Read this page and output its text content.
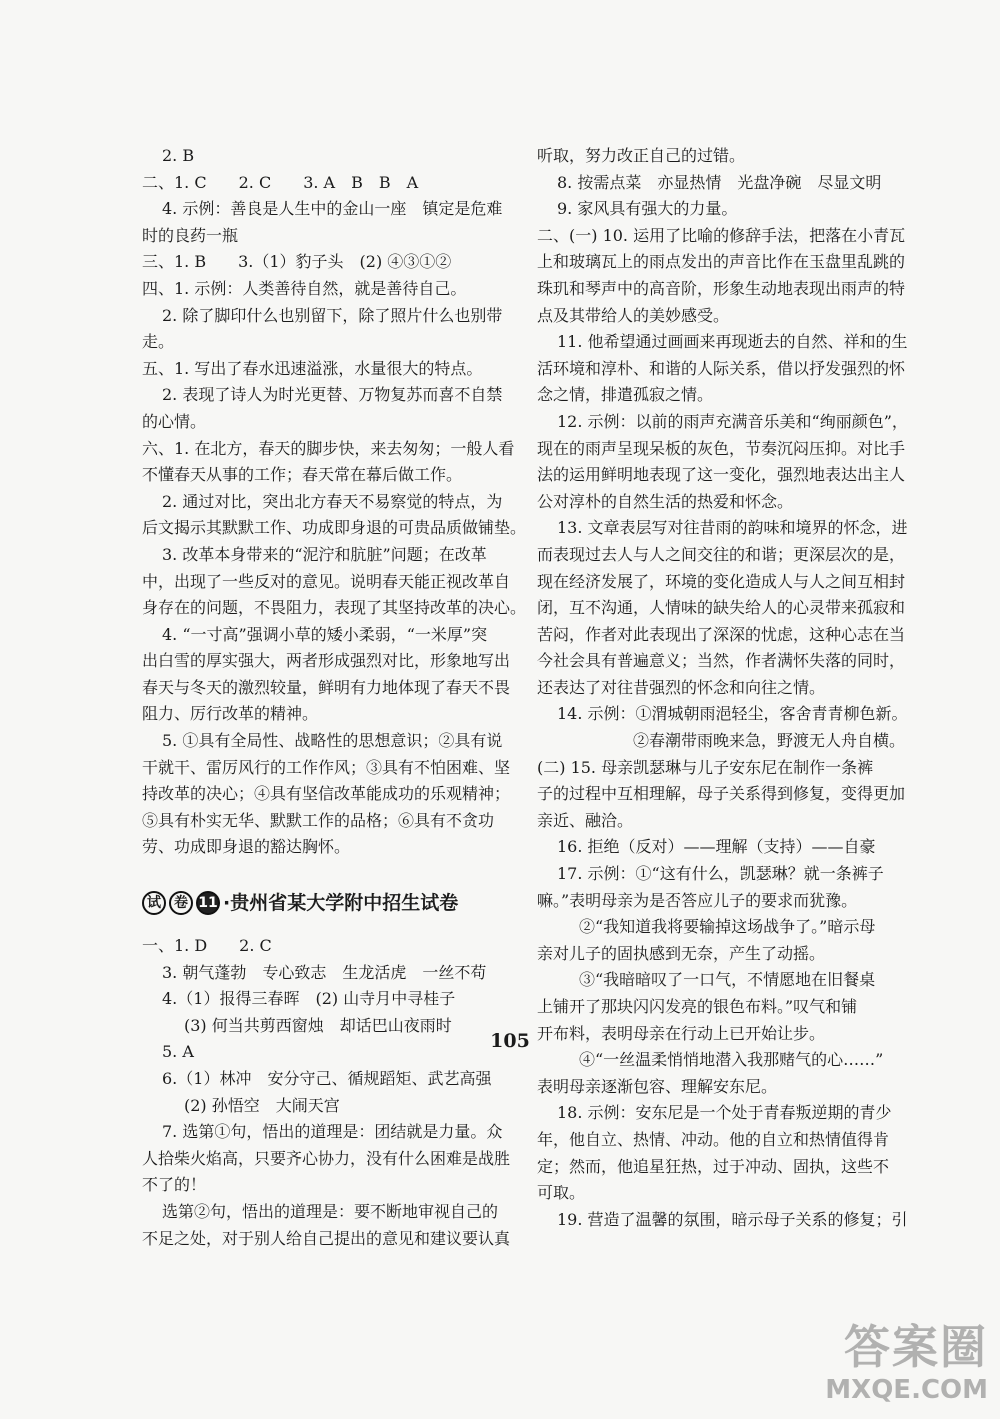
2. B
二、1. C　　2. C　　3. A　B　B　A
4. 示例：善良是人生中的金山一座　镇定是危难
时的良药一瓶
三、1. B　　3.（1）豹子头　(2) ④③①②
四、1. 示例：人类善待自然，就是善待自己。
2. 除了脚印什么也别留下，除了照片什么也别带
走。
五、1. 写出了春水迅速溢涨，水量很大的特点。
2. 表现了诗人为时光更替、万物复苏而喜不自禁
的心情。
六、1. 在北方，春天的脚步快，来去匆匆；一般人看
不懂春天从事的工作；春天常在幕后做工作。
2. 通过对比，突出北方春天不易察觉的特点，为
后文揭示其默默工作、功成即身退的可贵品质做铺垫。
3. 改革本身带来的“泥泞和肮脏”问题；在改革
中，出现了一些反对的意见。说明春天能正视改革自
身存在的问题，不畏阻力，表现了其坚持改革的决心。
4. “一寸高”强调小草的矮小柔弱，“一米厚”突
出白雪的厚实强大，两者形成强烈对比，形象地写出
春天与冬天的激烈较量，鲜明有力地体现了春天不畏
阻力、厉行改革的精神。
5. ①具有全局性、战略性的思想意识；②具有说
干就干、雷厉风行的工作作风；③具有不怕困难、坚
持改革的决心；④具有坚信改革能成功的乐观精神；
⑤具有朴实无华、默默工作的品格；⑥具有不贪功
劳、功成即身退的豁达胸怀。
试 卷 11 ·贵州省某大学附中招生试卷
一、1. D　　2. C
3. 朝气蓬勃　专心致志　生龙活虎　一丝不苟
4.（1）报得三春晖　(2) 山寺月中寻桂子
(3) 何当共剪西窗烛　却话巴山夜雨时
5. A
6.（1）林冲　安分守己、循规蹈矩、武艺高强
(2) 孙悟空　大闹天宫
7. 选第①句，悟出的道理是：团结就是力量。众
人拾柴火焰高，只要齐心协力，没有什么困难是战胜
不了的！
选第②句，悟出的道理是：要不断地审视自己的
不足之处，对于别人给自己提出的意见和建议要认真
听取，努力改正自己的过错。
8. 按需点菜　亦显热情　光盘净碗　尽显文明
9. 家风具有强大的力量。
二、(一) 10. 运用了比喻的修辞手法，把落在小青瓦
上和玻璃瓦上的雨点发出的声音比作在玉盘里乱跳的
珠玑和琴声中的高音阶，形象生动地表现出雨声的特
点及其带给人的美妙感受。
11. 他希望通过画画来再现逝去的自然、祥和的生
活环境和淳朴、和谐的人际关系，借以抒发强烈的怀
念之情，排遣孤寂之情。
12. 示例：以前的雨声充满音乐美和“绚丽颜色”，
现在的雨声呈现呆板的灰色，节奏沉闷压抑。对比手
法的运用鲜明地表现了这一变化，强烈地表达出主人
公对淳朴的自然生活的热爱和怀念。
13. 文章表层写对往昔雨的韵味和境界的怀念，进
而表现过去人与人之间交往的和谐；更深层次的是，
现在经济发展了，环境的变化造成人与人之间互相封
闭，互不沟通，人情味的缺失给人的心灵带来孤寂和
苦闷，作者对此表现出了深深的忧虑，这种心志在当
今社会具有普遍意义；当然，作者满怀失落的同时，
还表达了对往昔强烈的怀念和向往之情。
14. 示例：①渭城朝雨浥轻尘，客舍青青柳色新。
②春潮带雨晚来急，野渡无人舟自横。
(二) 15. 母亲凯瑟琳与儿子安东尼在制作一条裤
子的过程中互相理解，母子关系得到修复，变得更加
亲近、融洽。
16. 拒绝（反对）——理解（支持）——自豪
17. 示例：①“这有什么，凯瑟琳？就一条裤子
嘛。”表明母亲为是否答应儿子的要求而犹豫。
②“我知道我将要输掉这场战争了。”暗示母
亲对儿子的固执感到无奈，产生了动摇。
③“我暗暗叹了一口气，不情愿地在旧餐桌
上铺开了那块闪闪发亮的银色布料。”叹气和铺
开布料，表明母亲在行动上已开始让步。
④“一丝温柔悄悄地潜入我那赌气的心……”
表明母亲逐渐包容、理解安东尼。
18. 示例：安东尼是一个处于青春叛逆期的青少
年，他自立、热情、冲动。他的自立和热情值得肯
定；然而，他追星狂热，过于冲动、固执，这些不
可取。
19. 营造了温馨的氛围，暗示母子关系的修复；引
105
答案圈
MXQE.COM
